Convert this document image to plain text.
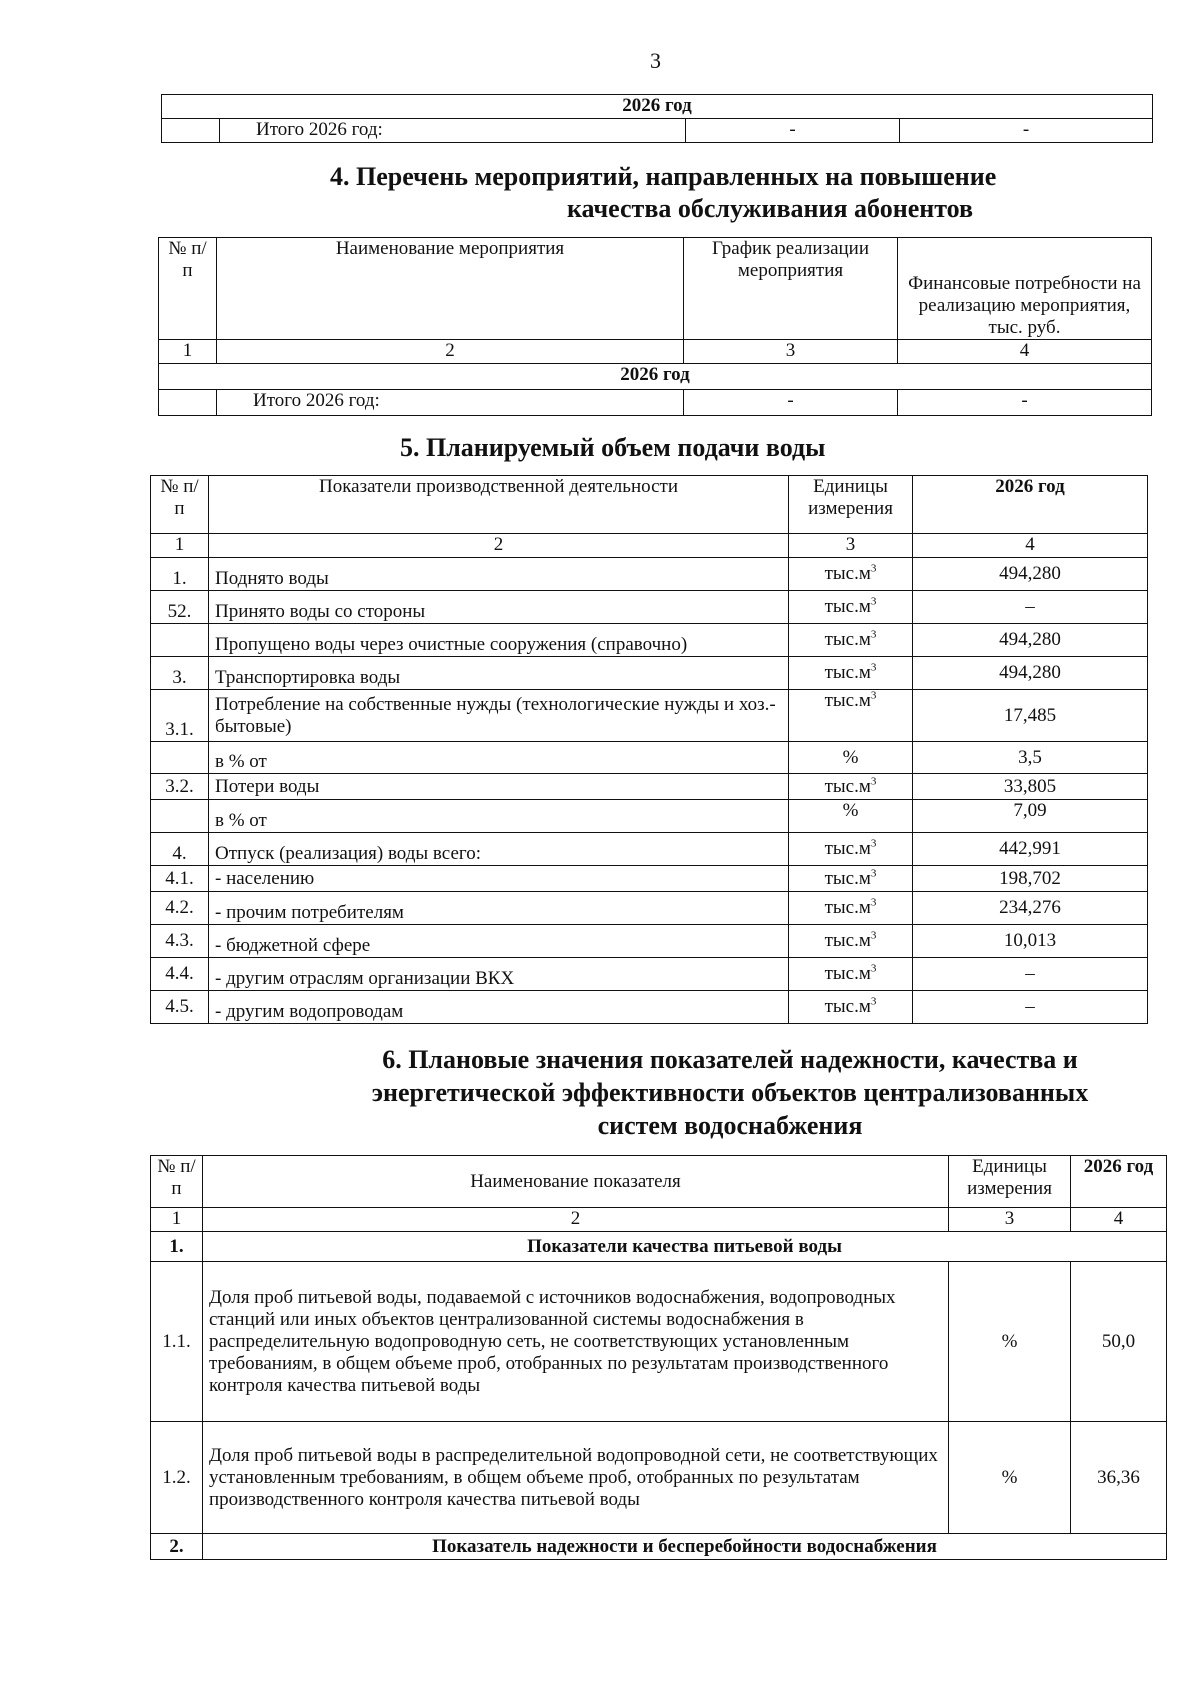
3
2026 год
	Итого 2026 год:	-	-
4. Перечень мероприятий, направленных на повышение
качества обслуживания абонентов
№ п/п	Наименование мероприятия	График реализации мероприятия	Финансовые потребности на реализацию мероприятия, тыс. руб.
1	2	3	4
2026 год			
	Итого 2026 год:	-	-
5. Планируемый объем подачи воды
№ п/п	Показатели производственной деятельности	Единицы измерения	2026 год
1	2	3	4
1.	Поднято воды	$тыс.м^3$	494,280
52.	Принято воды со стороны	$тыс.м^3$	–
	Пропущено воды через очистные сооружения (справочно)	$тыс.м^3$	494,280
3.	Транспортировка воды	$тыс.м^3$	494,280
3.1.	Потребление на собственные нужды (технологические нужды и хоз.-бытовые)	$тыс.м^3$	17,485
	в % от	%	3,5
3.2.	Потери воды	$тыс.м^3$	33,805
	в % от	%	7,09
4.	Отпуск (реализация) воды всего:	$тыс.м^3$	442,991
4.1.	- населению	$тыс.м^3$	198,702
4.2.	- прочим потребителям	$тыс.м^3$	234,276
4.3.	- бюджетной сфере	$тыс.м^3$	10,013
4.4.	- другим отраслям организации ВКХ	$тыс.м^3$	–
4.5.	- другим водопроводам	$тыс.м^3$	–
6. Плановые значения показателей надежности, качества и
энергетической эффективности объектов централизованных
систем водоснабжения
№ п/п	Наименование показателя	Единицы измерения	2026 год
1	2	3	4
1.	Показатели качества питьевой воды		
1.1.	Доля проб питьевой воды, подаваемой с источников водоснабжения, водопроводных станций или иных объектов централизованной системы водоснабжения в распределительную водопроводную сеть, не соответствующих установленным требованиям, в общем объеме проб, отобранных по результатам производственного контроля качества питьевой воды	%	50,0
1.2.	Доля проб питьевой воды в распределительной водопроводной сети, не соответствующих установленным требованиям, в общем объеме проб, отобранных по результатам производственного контроля качества питьевой воды	%	36,36
2.	Показатель надежности и бесперебойности водоснабжения		
